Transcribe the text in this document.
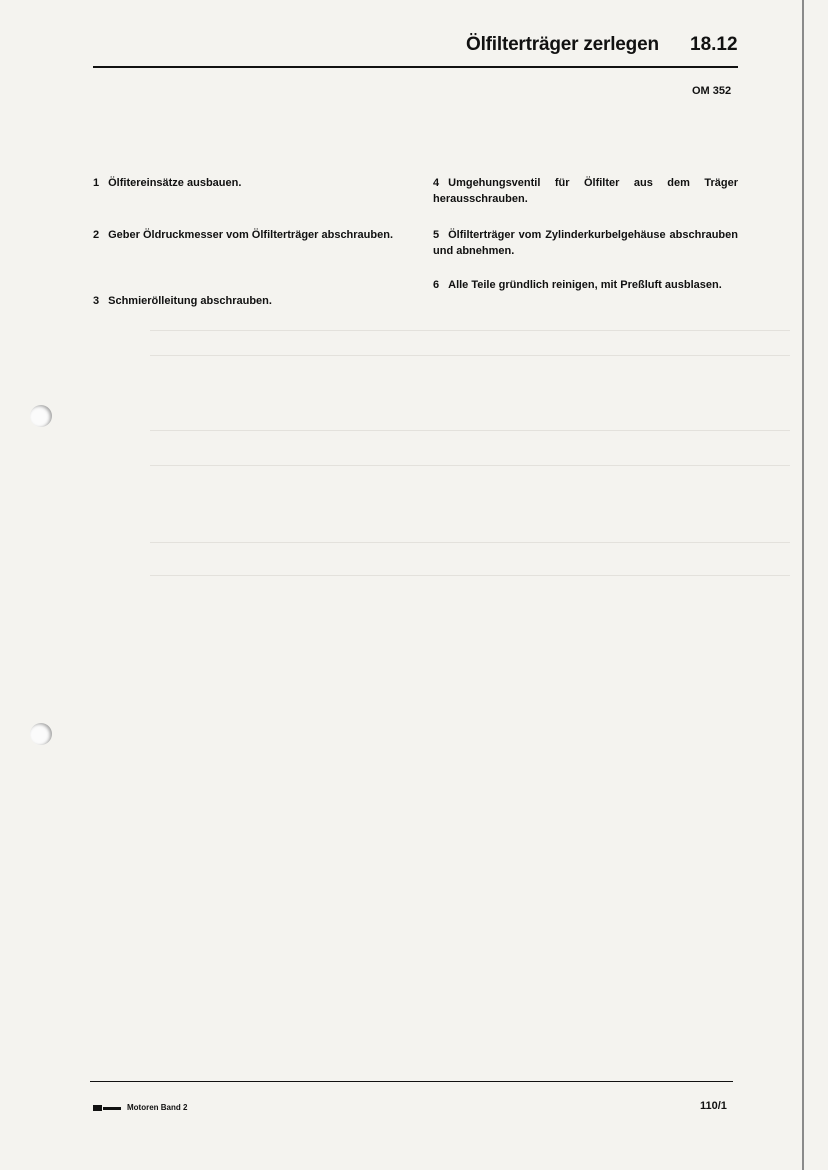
Ölfilterträger zerlegen 18.12
OM 352
1 Ölfitereinsätze ausbauen.
2 Geber Öldruckmesser vom Ölfilterträger abschrauben.
3 Schmierölleitung abschrauben.
4 Umgehungsventil für Ölfilter aus dem Träger herausschrauben.
5 Ölfilterträger vom Zylinderkurbelgehäuse abschrauben und abnehmen.
6 Alle Teile gründlich reinigen, mit Preßluft ausblasen.
Motoren Band 2	110/1
